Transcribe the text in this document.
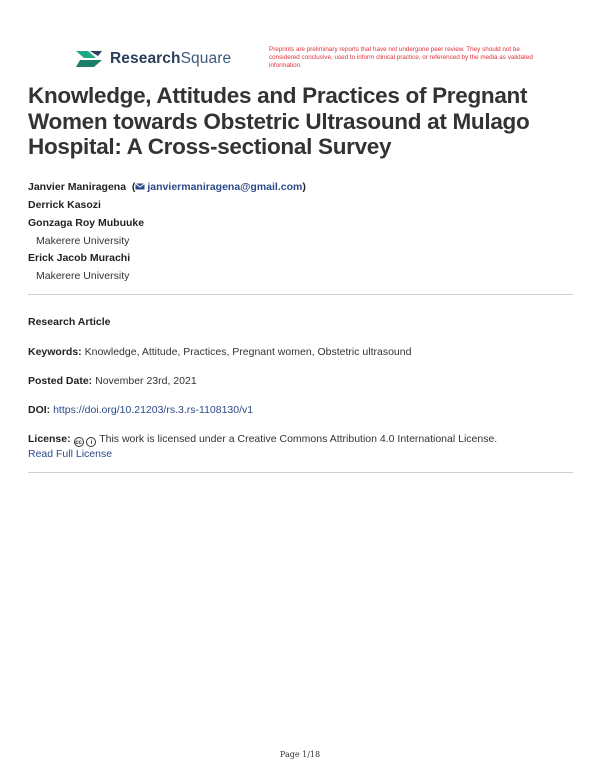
ResearchSquare
Preprints are preliminary reports that have not undergone peer review. They should not be considered conclusive, used to inform clinical practice, or referenced by the media as validated information.
Knowledge, Attitudes and Practices of Pregnant Women towards Obstetric Ultrasound at Mulago Hospital: A Cross-sectional Survey
Janvier Maniragena  ( janviermaniragena@gmail.com)
Derrick Kasozi
Gonzaga Roy Mubuuke
Makerere University
Erick Jacob Murachi
Makerere University
Research Article
Keywords: Knowledge, Attitude, Practices, Pregnant women, Obstetric ultrasound
Posted Date: November 23rd, 2021
DOI: https://doi.org/10.21203/rs.3.rs-1108130/v1
License: cc i This work is licensed under a Creative Commons Attribution 4.0 International License.
Read Full License
Page 1/18
